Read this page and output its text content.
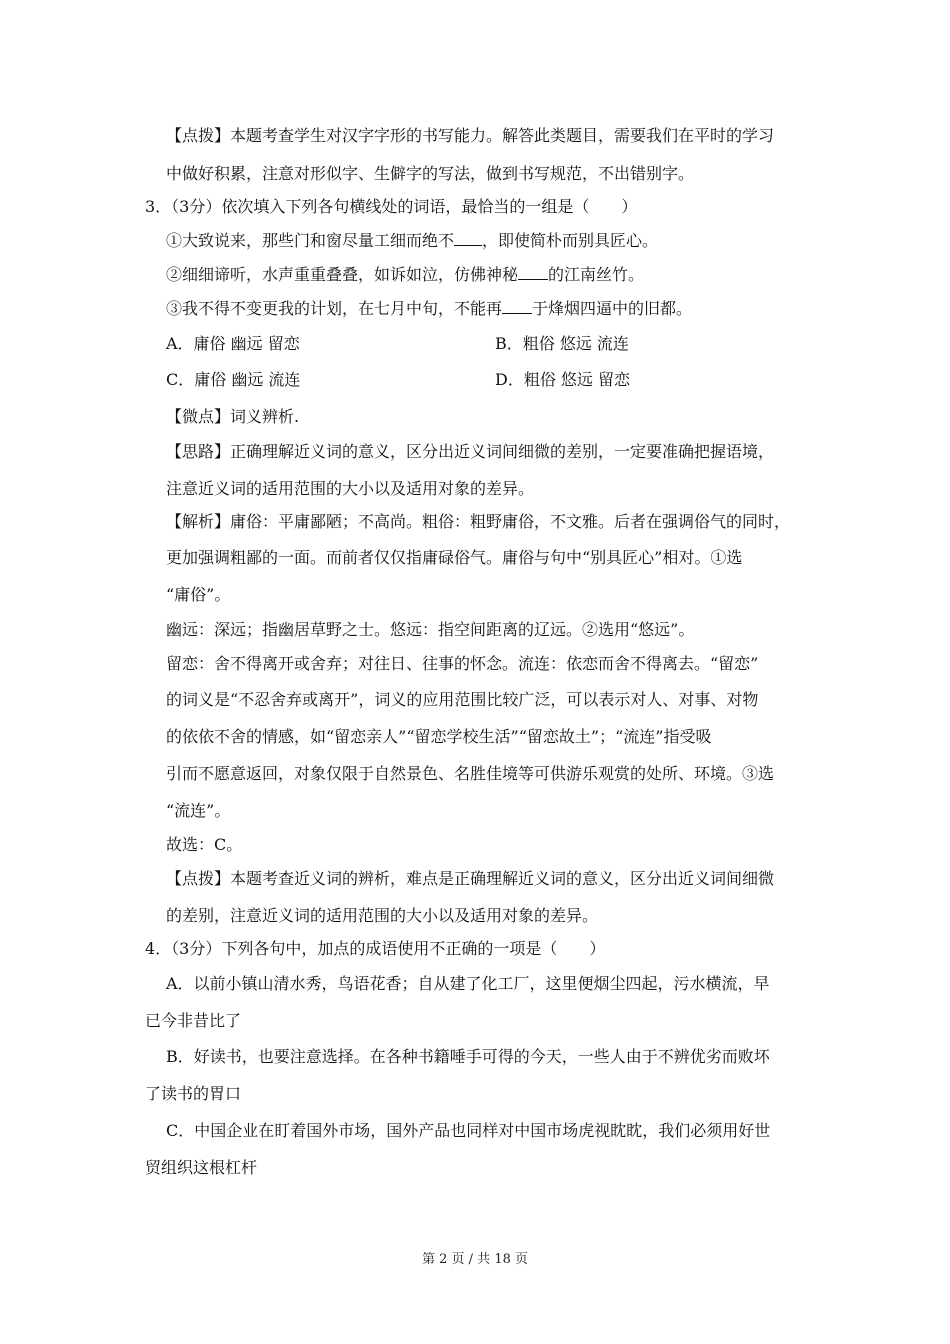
【点拨】本题考查学生对汉字字形的书写能力。解答此类题目，需要我们在平时的学习
中做好积累，注意对形似字、生僻字的写法，做到书写规范，不出错别字。
3．（3分）依次填入下列各句横线处的词语，最恰当的一组是（　　）
①大致说来，那些门和窗尽量工细而绝不 ，即使简朴而别具匠心。
②细细谛听，水声重重叠叠，如诉如泣，仿佛神秘 的江南丝竹。
③我不得不变更我的计划，在七月中旬，不能再 于烽烟四逼中的旧都。
A．庸俗 幽远 留恋	B．粗俗 悠远 流连
C．庸俗 幽远 流连	D．粗俗 悠远 留恋
【微点】词义辨析.
【思路】正确理解近义词的意义，区分出近义词间细微的差别，一定要准确把握语境，
注意近义词的适用范围的大小以及适用对象的差异。
【解析】庸俗：平庸鄙陋；不高尚。粗俗：粗野庸俗，不文雅。后者在强调俗气的同时，
更加强调粗鄙的一面。而前者仅仅指庸碌俗气。庸俗与句中“别具匠心”相对。①选
“庸俗”。
幽远：深远；指幽居草野之士。悠远：指空间距离的辽远。②选用“悠远”。
留恋：舍不得离开或舍弃；对往日、往事的怀念。流连：依恋而舍不得离去。“留恋”
的词义是“不忍舍弃或离开”，词义的应用范围比较广泛，可以表示对人、对事、对物
的依依不舍的情感，如“留恋亲人”“留恋学校生活”“留恋故土”；“流连”指受吸
引而不愿意返回，对象仅限于自然景色、名胜佳境等可供游乐观赏的处所、环境。③选
“流连”。
故选：C。
【点拨】本题考查近义词的辨析，难点是正确理解近义词的意义，区分出近义词间细微
的差别，注意近义词的适用范围的大小以及适用对象的差异。
4．（3分）下列各句中，加点的成语使用不正确的一项是（　　）
A．以前小镇山清水秀，鸟语花香；自从建了化工厂，这里便烟尘四起，污水横流，早
已今非昔比了
B．好读书，也要注意选择。在各种书籍唾手可得的今天，一些人由于不辨优劣而败坏
了读书的胃口
C．中国企业在盯着国外市场，国外产品也同样对中国市场虎视眈眈，我们必须用好世
贸组织这根杠杆
第 2 页 / 共 18 页
